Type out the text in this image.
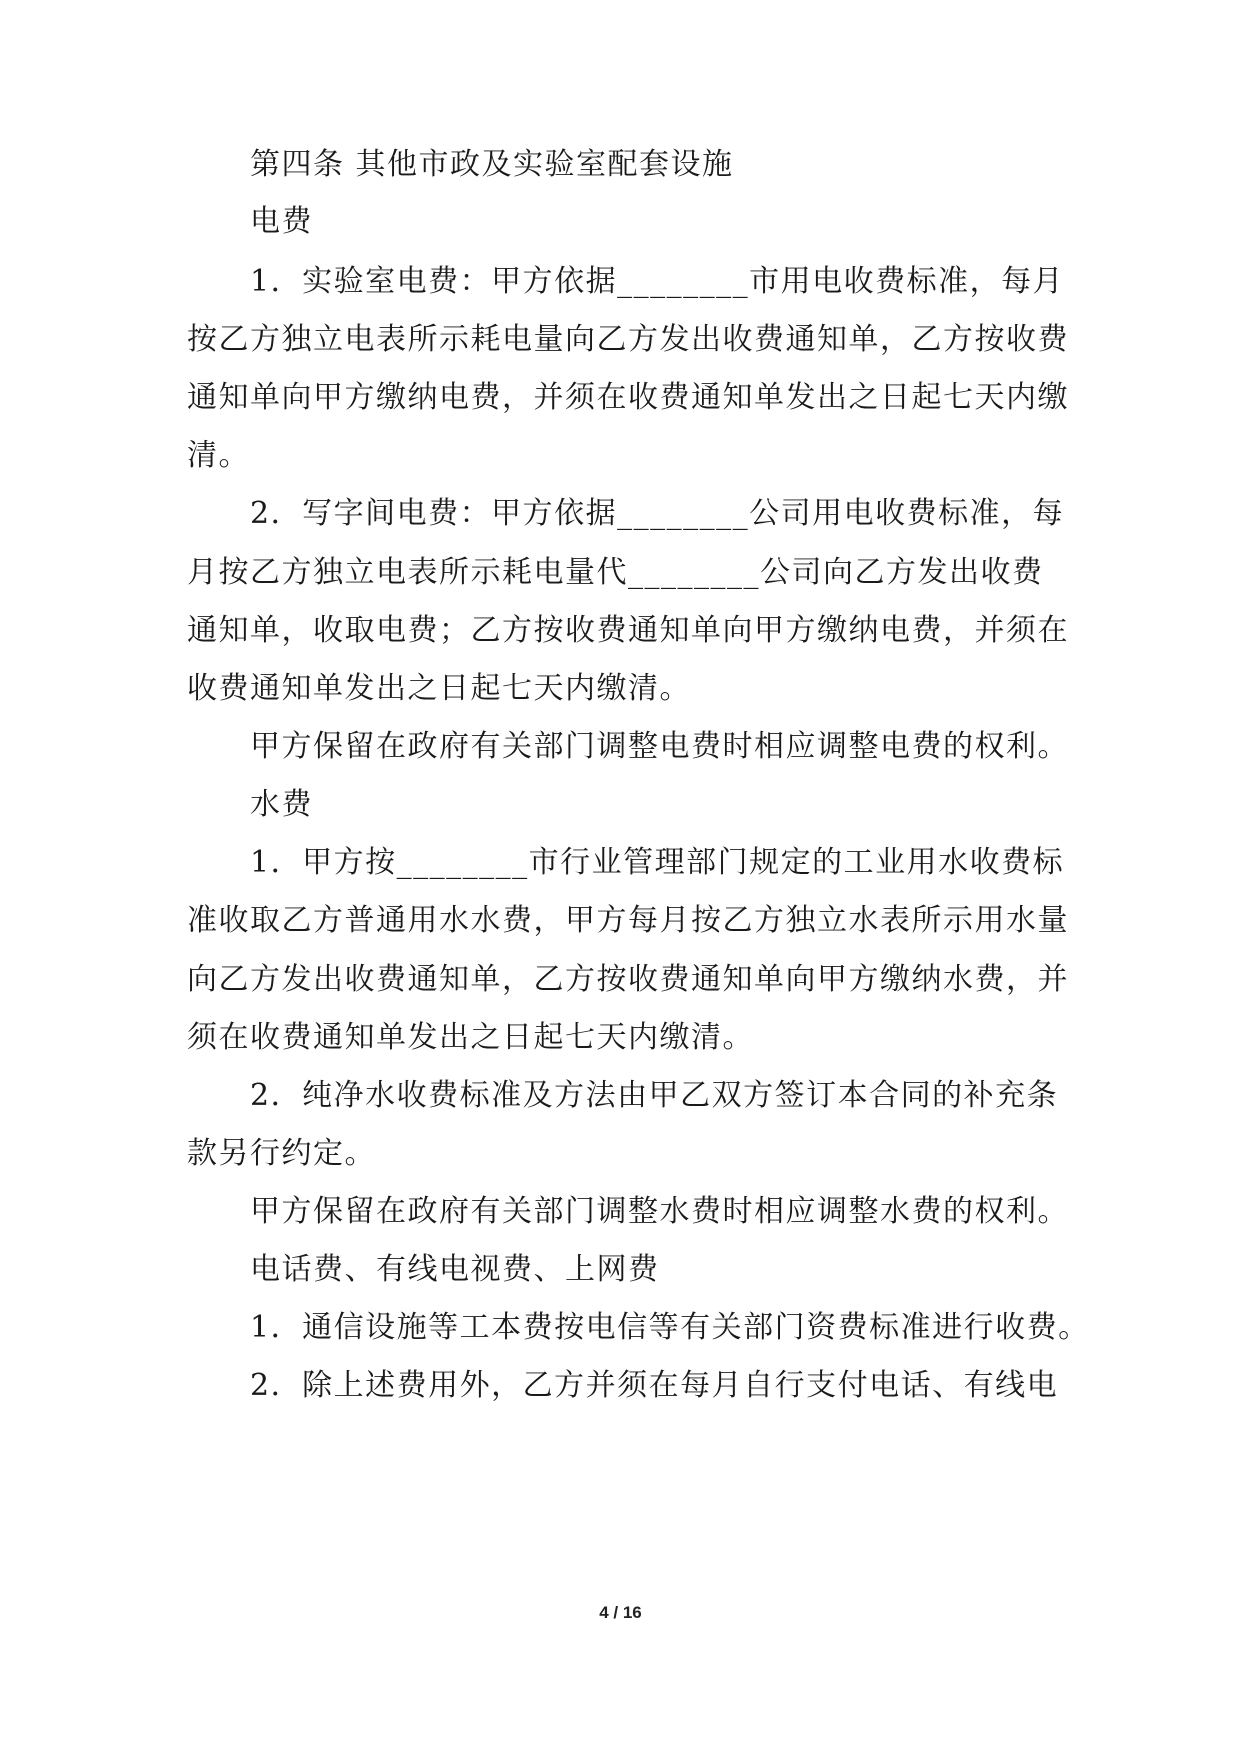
第四条 其他市政及实验室配套设施
电费
1．实验室电费：甲方依据________市用电收费标准，每月
按乙方独立电表所示耗电量向乙方发出收费通知单，乙方按收费
通知单向甲方缴纳电费，并须在收费通知单发出之日起七天内缴
清。
2．写字间电费：甲方依据________公司用电收费标准，每
月按乙方独立电表所示耗电量代________公司向乙方发出收费
通知单，收取电费；乙方按收费通知单向甲方缴纳电费，并须在
收费通知单发出之日起七天内缴清。
甲方保留在政府有关部门调整电费时相应调整电费的权利。
水费
1．甲方按________市行业管理部门规定的工业用水收费标
准收取乙方普通用水水费，甲方每月按乙方独立水表所示用水量
向乙方发出收费通知单，乙方按收费通知单向甲方缴纳水费，并
须在收费通知单发出之日起七天内缴清。
2．纯净水收费标准及方法由甲乙双方签订本合同的补充条
款另行约定。
甲方保留在政府有关部门调整水费时相应调整水费的权利。
电话费、有线电视费、上网费
1．通信设施等工本费按电信等有关部门资费标准进行收费。
2．除上述费用外，乙方并须在每月自行支付电话、有线电
4 / 16
